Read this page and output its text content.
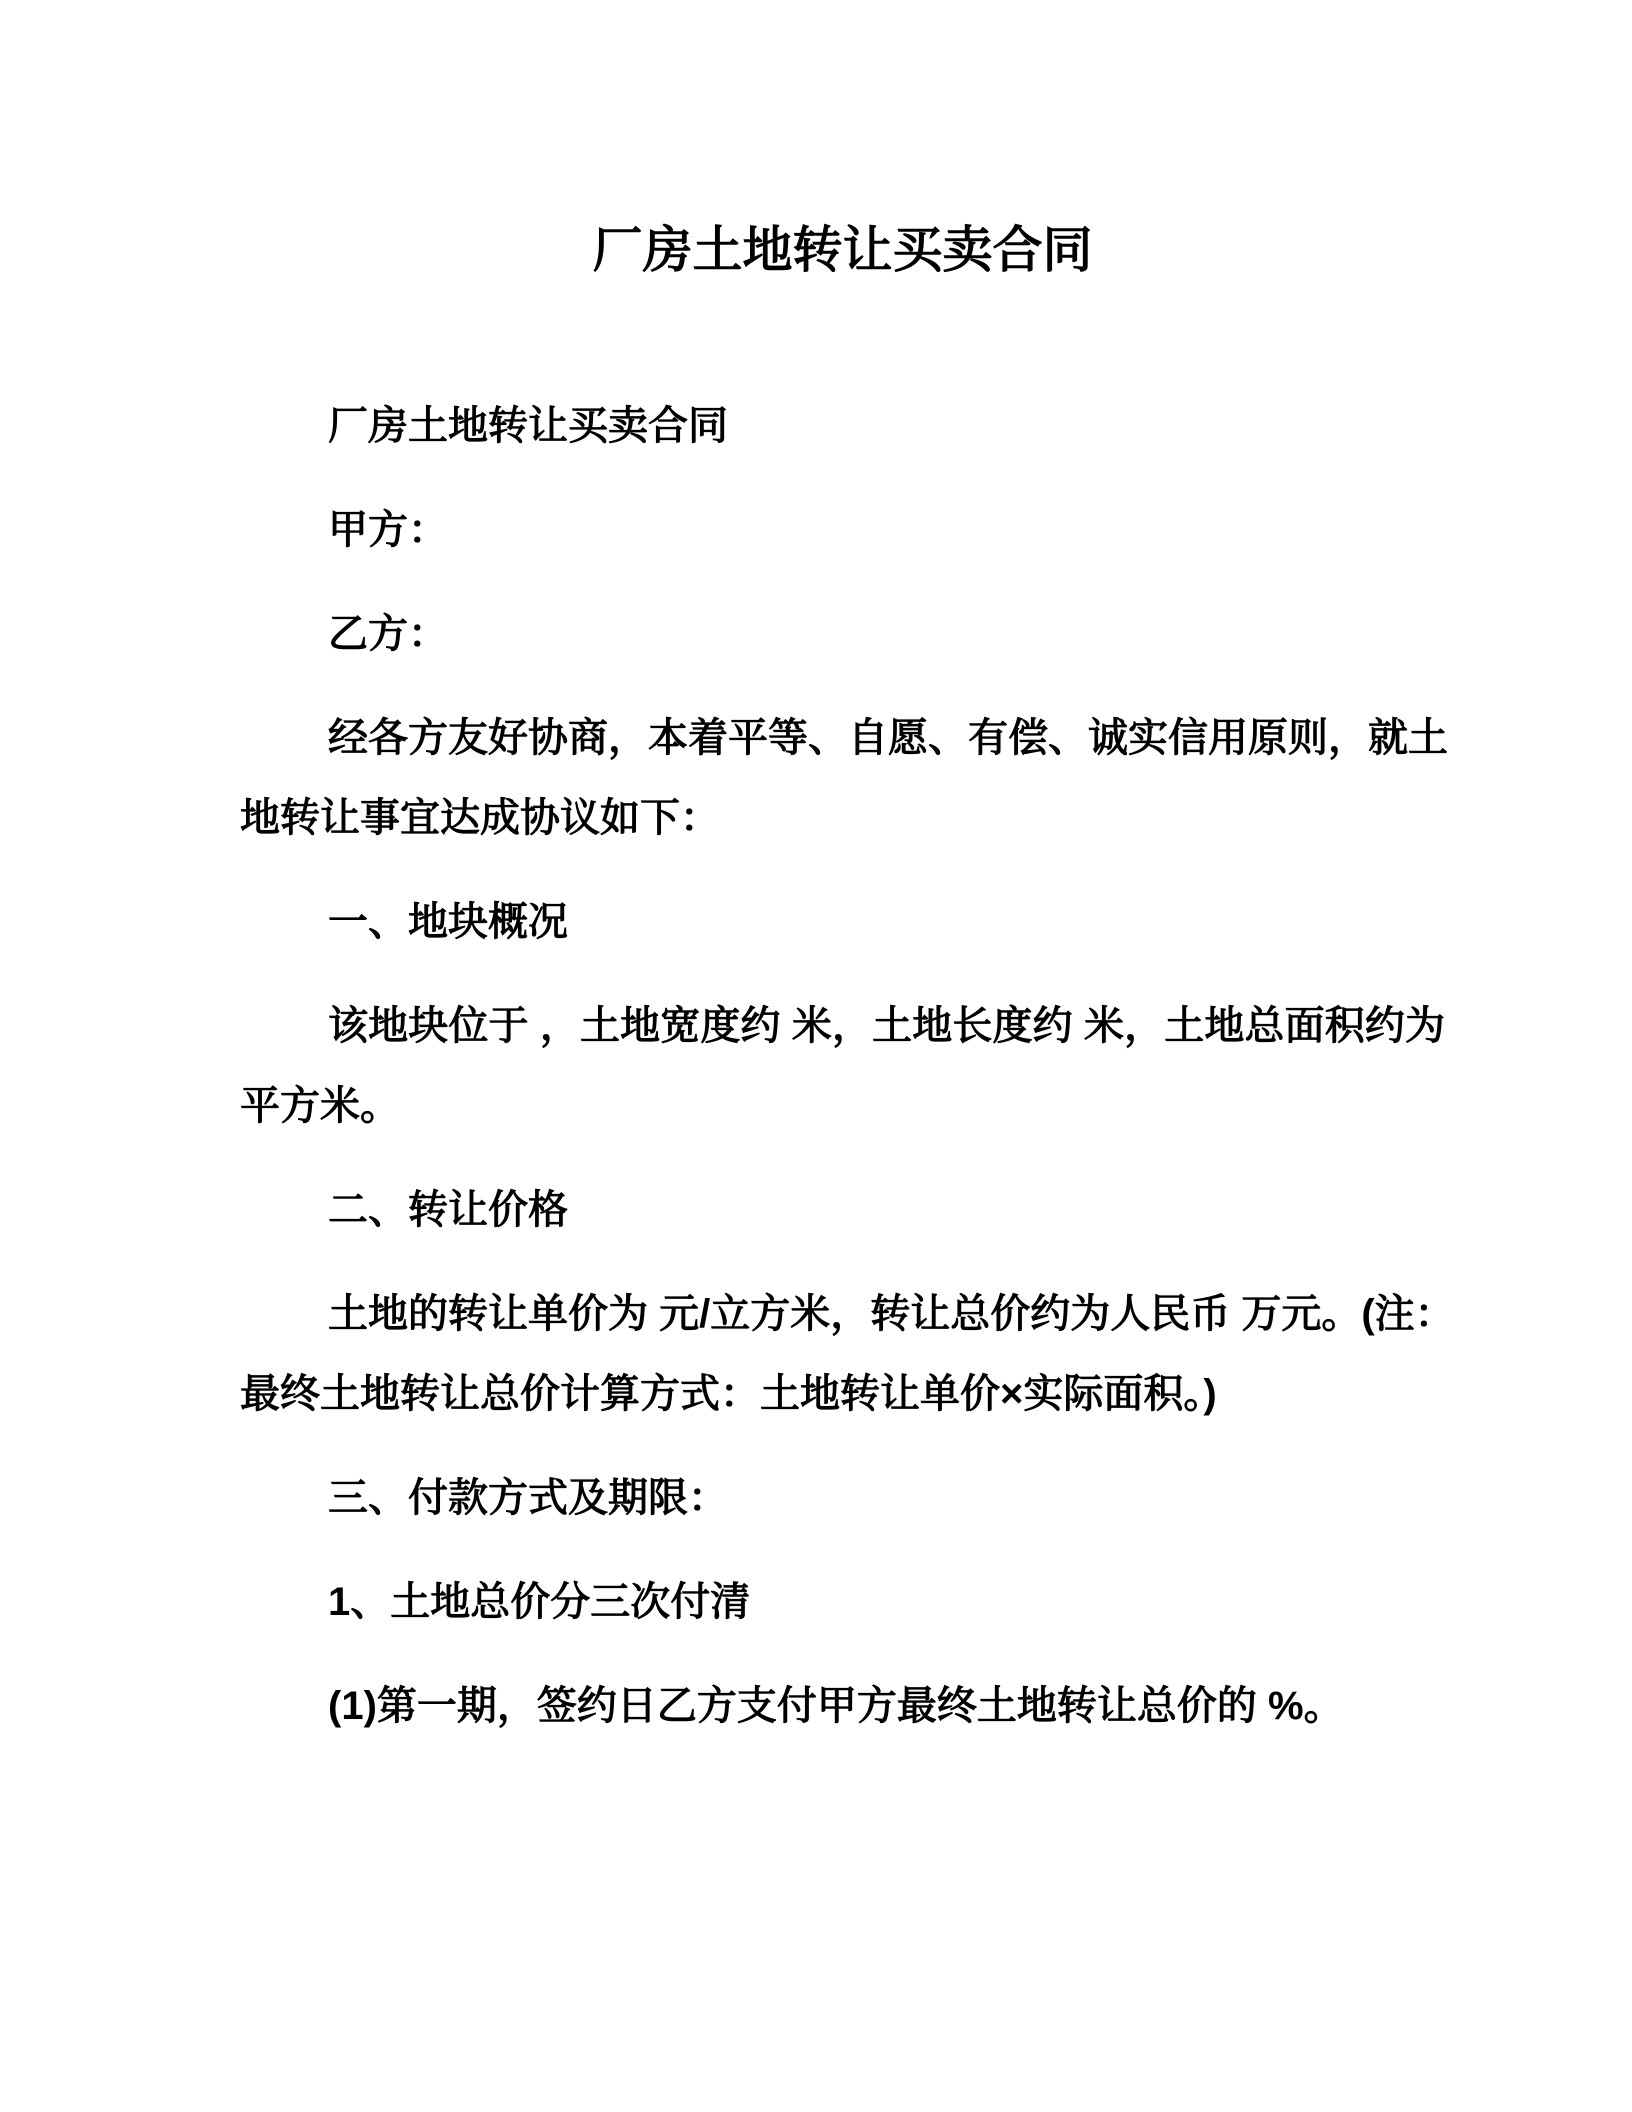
厂房土地转让买卖合同
厂房土地转让买卖合同
甲方：
乙方：
经各方友好协商，本着平等、自愿、有偿、诚实信用原则，就土
地转让事宜达成协议如下：
一、地块概况
该地块位于 ，土地宽度约 米，土地长度约 米，土地总面积约为
平方米。
二、转让价格
土地的转让单价为 元/立方米，转让总价约为人民币 万元。(注：
最终土地转让总价计算方式：土地转让单价×实际面积。)
三、付款方式及期限：
1、土地总价分三次付清
(1)第一期，签约日乙方支付甲方最终土地转让总价的 %。
